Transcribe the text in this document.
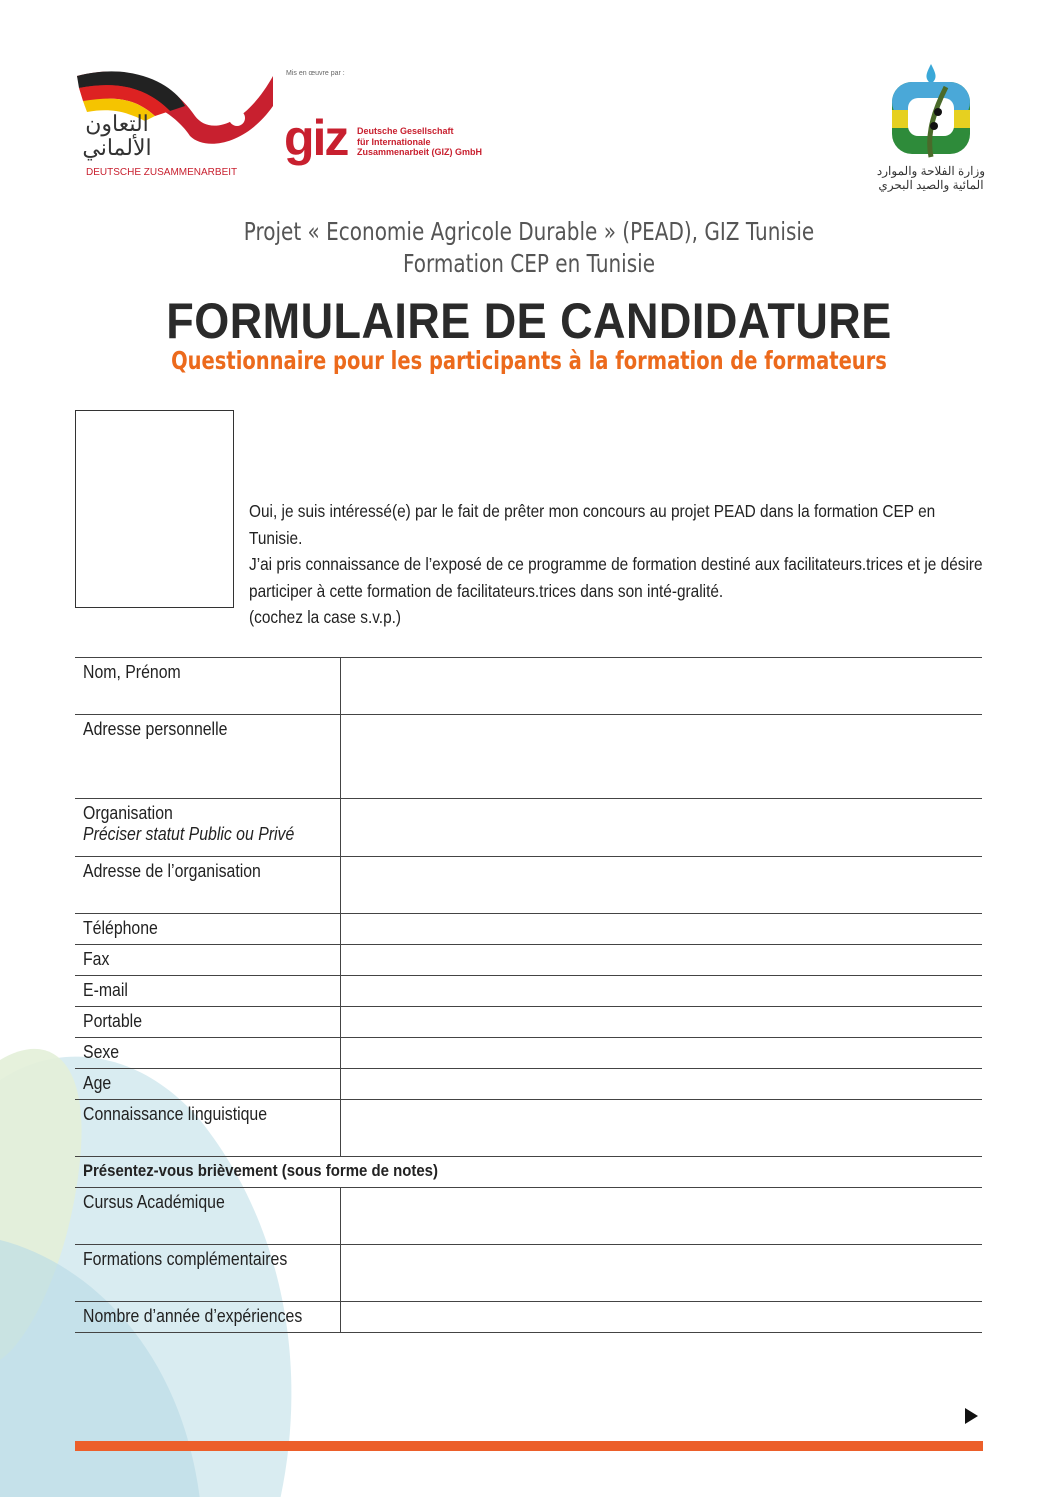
التعاون الألماني
DEUTSCHE ZUSAMMENARBEIT
Mis en œuvre par :
giz Deutsche Gesellschaft
für Internationale
Zusammenarbeit (GIZ) GmbH
وزارة الفلاحة والموارد
المائية والصيد البحري
Projet « Economie Agricole Durable » (PEAD), GIZ Tunisie
Formation CEP en Tunisie
FORMULAIRE DE CANDIDATURE
Questionnaire pour les participants à la formation de formateurs
Oui, je suis intéressé(e) par le fait de prêter mon concours au projet PEAD dans la formation CEP en Tunisie.
J’ai pris connaissance de l’exposé de ce programme de formation destiné aux facilitateurs.trices et je désire
participer à cette formation de facilitateurs.trices dans son inté-gralité.
(cochez la case s.v.p.)
Nom, Prénom	
Adresse personnelle	
Organisation
Préciser statut Public ou Privé	
Adresse de l’organisation	
Téléphone	
Fax	
E-mail	
Portable	
Sexe	
Age	
Connaissance linguistique	
Présentez-vous brièvement (sous forme de notes)	
Cursus Académique	
Formations complémentaires	
Nombre d’année d’expériences	
